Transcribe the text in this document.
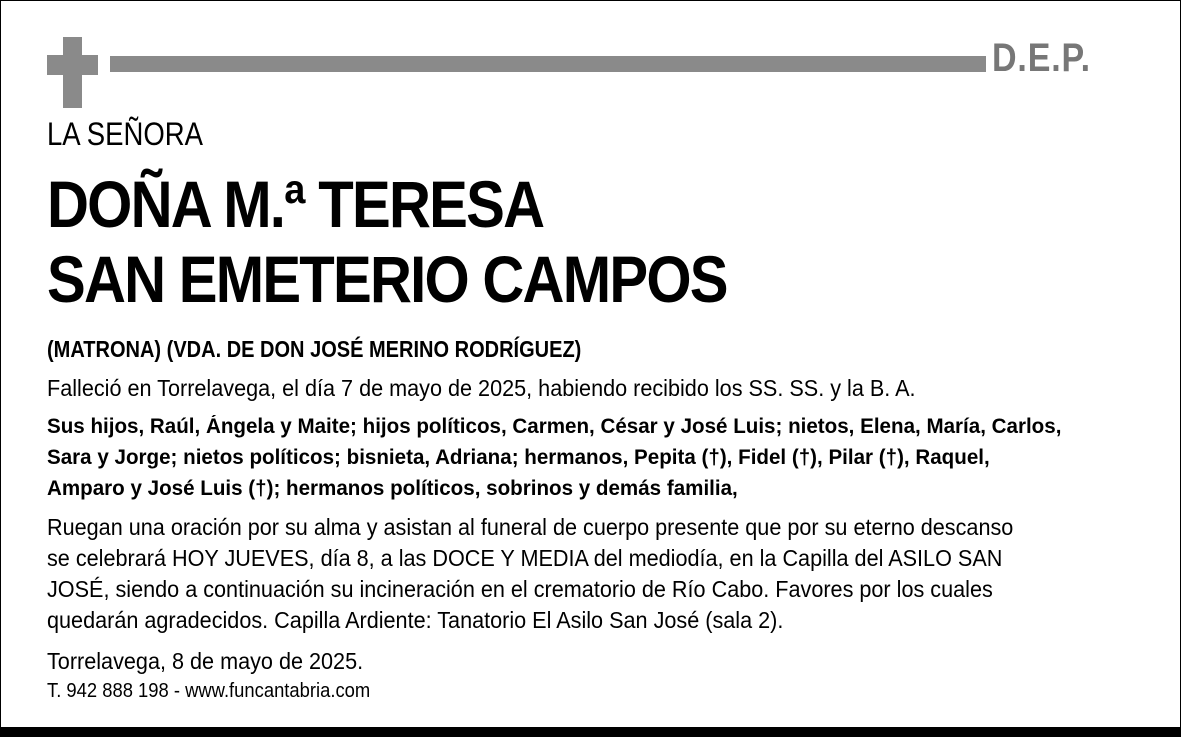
D.E.P.
LA SEÑORA
DOÑA M.ª TERESA
SAN EMETERIO CAMPOS
(MATRONA) (VDA. DE DON JOSÉ MERINO RODRÍGUEZ)
Falleció en Torrelavega, el día 7 de mayo de 2025, habiendo recibido los SS. SS. y la B. A.
Sus hijos, Raúl, Ángela y Maite; hijos políticos, Carmen, César y José Luis; nietos, Elena, María, Carlos,
Sara y Jorge; nietos políticos; bisnieta, Adriana; hermanos, Pepita (†), Fidel (†), Pilar (†), Raquel,
Amparo y José Luis (†); hermanos políticos, sobrinos y demás familia,
Ruegan una oración por su alma y asistan al funeral de cuerpo presente que por su eterno descanso
se celebrará HOY JUEVES, día 8, a las DOCE Y MEDIA del mediodía, en la Capilla del ASILO SAN
JOSÉ, siendo a continuación su incineración en el crematorio de Río Cabo. Favores por los cuales
quedarán agradecidos. Capilla Ardiente: Tanatorio El Asilo San José (sala 2).
Torrelavega, 8 de mayo de 2025.
T. 942 888 198 - www.funcantabria.com
